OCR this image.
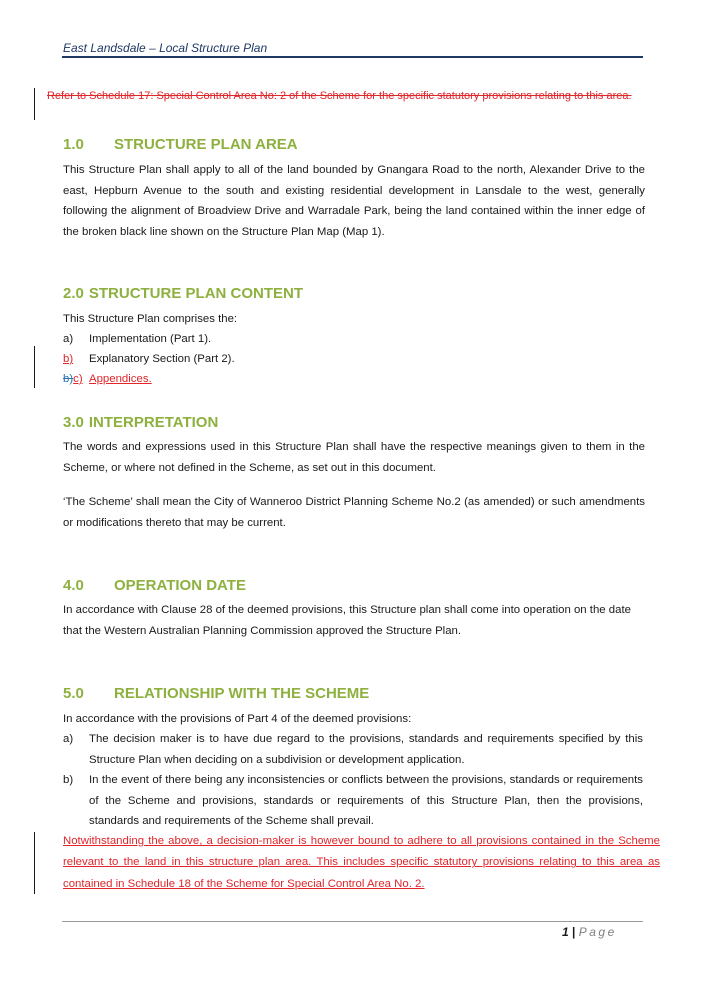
East Landsdale – Local Structure Plan
Refer to Schedule 17: Special Control Area No: 2 of the Scheme for the specific statutory provisions relating to this area.
1.0 STRUCTURE PLAN AREA
This Structure Plan shall apply to all of the land bounded by Gnangara Road to the north, Alexander Drive to the east, Hepburn Avenue to the south and existing residential development in Lansdale to the west, generally following the alignment of Broadview Drive and Warradale Park, being the land contained within the inner edge of the broken black line shown on the Structure Plan Map (Map 1).
2.0 STRUCTURE PLAN CONTENT
This Structure Plan comprises the:
a) Implementation (Part 1).
b)	Explanatory Section (Part 2).
b)c) Appendices.
3.0 INTERPRETATION
The words and expressions used in this Structure Plan shall have the respective meanings given to them in the Scheme, or where not defined in the Scheme, as set out in this document.
‘The Scheme’ shall mean the City of Wanneroo District Planning Scheme No.2 (as amended) or such amendments or modifications thereto that may be current.
4.0 OPERATION DATE
In accordance with Clause 28 of the deemed provisions, this Structure plan shall come into operation on the date that the Western Australian Planning Commission approved the Structure Plan.
5.0 RELATIONSHIP WITH THE SCHEME
In accordance with the provisions of Part 4 of the deemed provisions:
a) The decision maker is to have due regard to the provisions, standards and requirements specified by this Structure Plan when deciding on a subdivision or development application.
b) In the event of there being any inconsistencies or conflicts between the provisions, standards or requirements of the Scheme and provisions, standards or requirements of this Structure Plan, then the provisions, standards and requirements of the Scheme shall prevail.
Notwithstanding the above, a decision-maker is however bound to adhere to all provisions contained in the Scheme relevant to the land in this structure plan area. This includes specific statutory provisions relating to this area as contained in Schedule 18 of the Scheme for Special Control Area No. 2.
1 | Page
